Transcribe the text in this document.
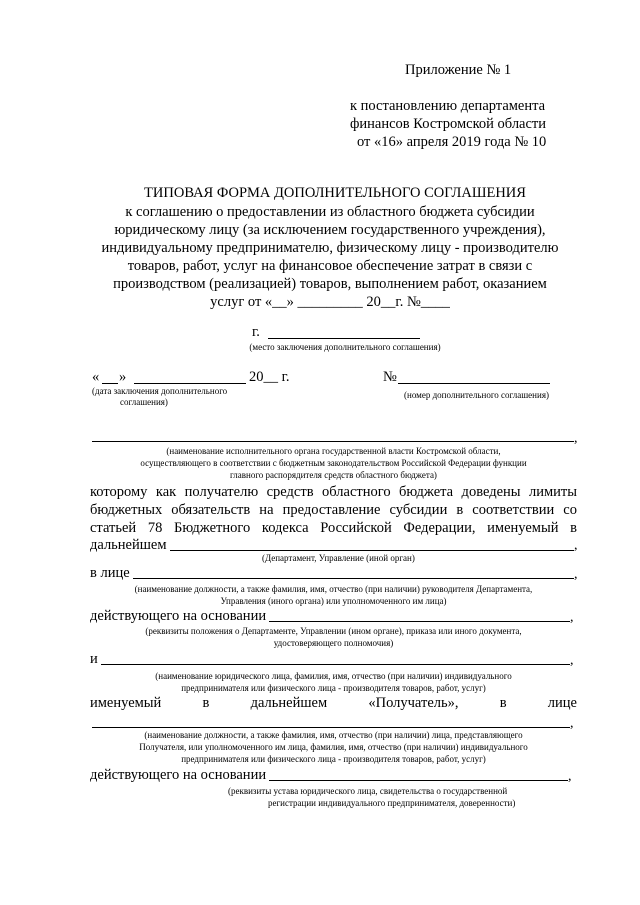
Приложение № 1
к постановлению департамента
финансов Костромской области
от «16» апреля 2019 года № 10
ТИПОВАЯ ФОРМА ДОПОЛНИТЕЛЬНОГО СОГЛАШЕНИЯ
к соглашению о предоставлении из областного бюджета субсидии
юридическому лицу (за исключением государственного учреждения),
индивидуальному предпринимателю, физическому лицу - производителю
товаров, работ, услуг на финансовое обеспечение затрат в связи с
производством (реализацией) товаров, выполнением работ, оказанием
услуг от «__» _________ 20__г. №____
г.
(место заключения дополнительного соглашения)
« »	20__ г.
(дата заключения дополнительного
соглашения)
№
(номер дополнительного соглашения)
,
(наименование исполнительного органа государственной власти Костромской области,
осуществляющего в соответствии с бюджетным законодательством Российской Федерации функции
главного распорядителя средств областного бюджета)
которому как получателю средств областного бюджета доведены лимиты
бюджетных обязательств на предоставление субсидии в соответствии со
статьей 78 Бюджетного кодекса Российской Федерации, именуемый в
дальнейшем	,
(Департамент, Управление (иной орган)
в лице	,
(наименование должности, а также фамилия, имя, отчество (при наличии) руководителя Департамента,
Управления (иного органа) или уполномоченного им лица)
действующего на основании	,
(реквизиты положения о Департаменте, Управлении (ином органе), приказа или иного документа,
удостоверяющего полномочия)
и	,
(наименование юридического лица, фамилия, имя, отчество (при наличии) индивидуального
предпринимателя или физического лица - производителя товаров, работ, услуг)
именуемый	в	дальнейшем	«Получатель»,	в	лице
,
(наименование должности, а также фамилия, имя, отчество (при наличии) лица, представляющего
Получателя, или уполномоченного им лица, фамилия, имя, отчество (при наличии) индивидуального
предпринимателя или физического лица - производителя товаров, работ, услуг)
действующего на основании	,
(реквизиты устава юридического лица, свидетельства о государственной
регистрации индивидуального предпринимателя, доверенности)
